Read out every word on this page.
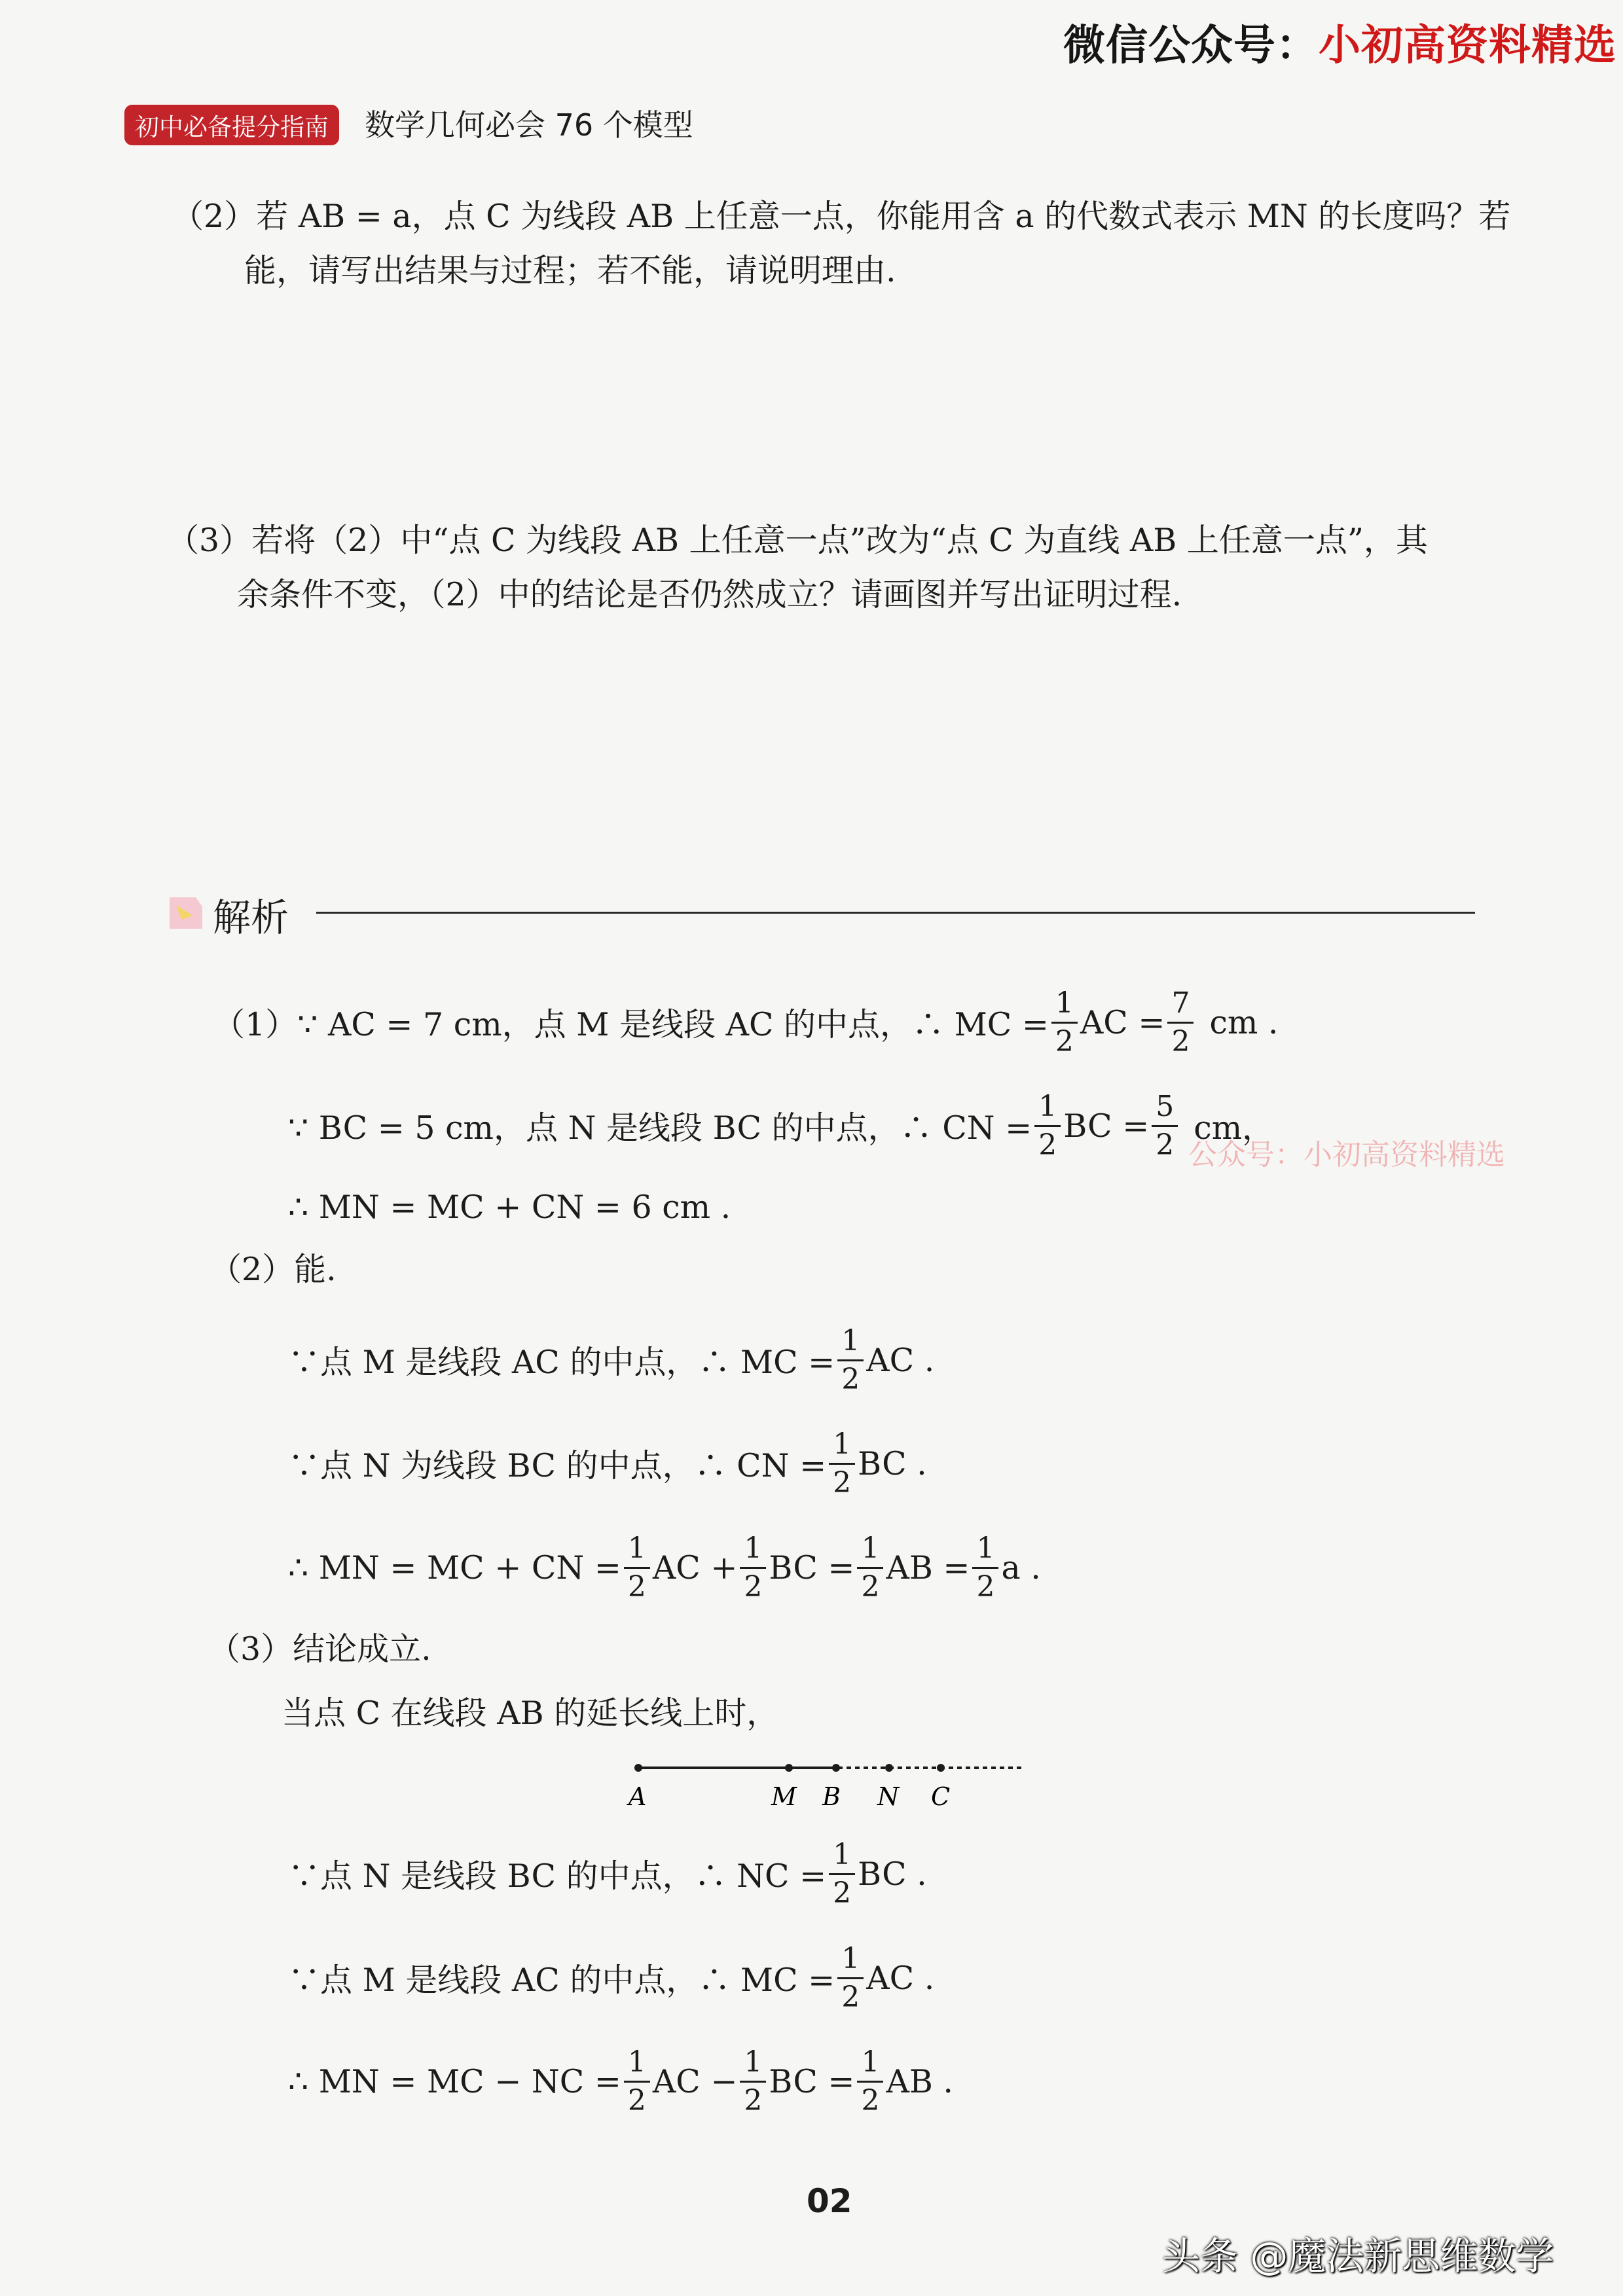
微信公众号：小初高资料精选
初中必备提分指南	数学几何必会 76 个模型
（2）若 AB = a，点 C 为线段 AB 上任意一点，你能用含 a 的代数式表示 MN 的长度吗？若
能，请写出结果与过程；若不能，请说明理由.
（3）若将（2）中“点 C 为线段 AB 上任意一点”改为“点 C 为直线 AB 上任意一点”，其
余条件不变，（2）中的结论是否仍然成立？请画图并写出证明过程.
解析
（1） ∵ AC = 7 cm，点 M 是线段 AC 的中点，∴ MC = $\frac{1}{2}$ AC = $\frac{7}{2}$ cm .
∵ BC = 5 cm，点 N 是线段 BC 的中点，∴ CN = $\frac{1}{2}$ BC = $\frac{5}{2}$ cm，
公众号：小初高资料精选
∴ MN = MC + CN = 6 cm .
（2）能.
∵点 M 是线段 AC 的中点，∴ MC = $\frac{1}{2}$ AC .
∵点 N 为线段 BC 的中点，∴ CN = $\frac{1}{2}$ BC .
∴ MN = MC + CN = $\frac{1}{2}$ AC + $\frac{1}{2}$ BC = $\frac{1}{2}$ AB = $\frac{1}{2}$ a .
（3）结论成立.
当点 C 在线段 AB 的延长线上时，
A	M B N C
∵点 N 是线段 BC 的中点，∴ NC = $\frac{1}{2}$ BC .
∵点 M 是线段 AC 的中点，∴ MC = $\frac{1}{2}$ AC .
∴ MN = MC − NC = $\frac{1}{2}$ AC − $\frac{1}{2}$ BC = $\frac{1}{2}$ AB .
02
头条 @魔法新思维数学
